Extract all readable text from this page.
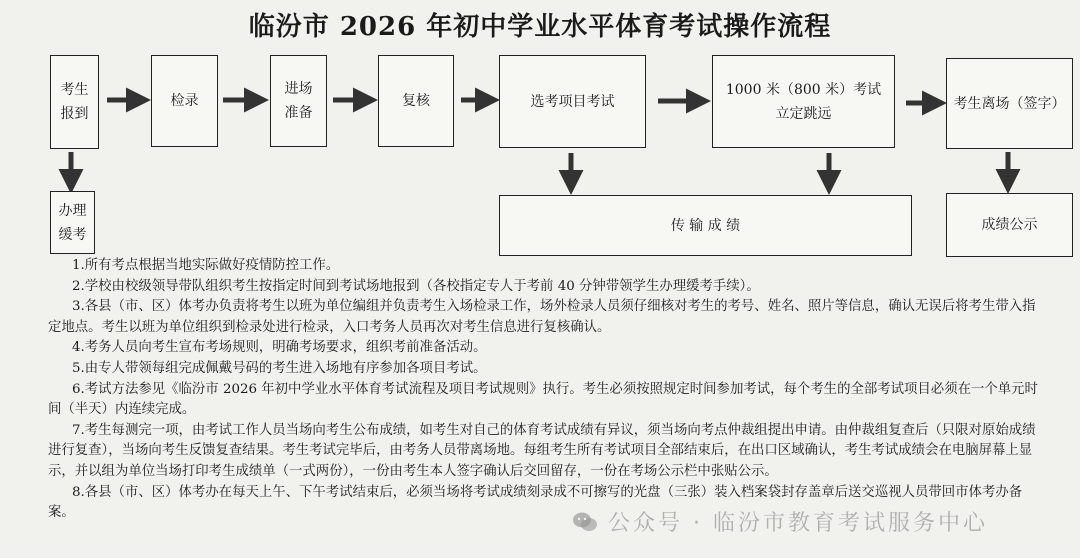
临汾市 2026 年初中学业水平体育考试操作流程
考生
报到
检录
进场
准备
复核	选考项目考试
1000 米（800 米）考试
立定跳远
考生离场（签字）
办理
缓考
传 输 成 绩	成绩公示

1.所有考点根据当地实际做好疫情防控工作。

2.学校由校级领导带队组织考生按指定时间到考试场地报到（各校指定专人于考前 40 分钟带领学生办理缓考手续）。

3.各县（市、区）体考办负责将考生以班为单位编组并负责考生入场检录工作，场外检录人员须仔细核对考生的考号、姓名、照片等信息，确认无误后将考生带入指定地点。考生以班为单位组织到检录处进行检录，入口考务人员再次对考生信息进行复核确认。

4.考务人员向考生宣布考场规则，明确考场要求，组织考前准备活动。

5.由专人带领每组完成佩戴号码的考生进入场地有序参加各项目考试。

6.考试方法参见《临汾市 2026 年初中学业水平体育考试流程及项目考试规则》执行。考生必须按照规定时间参加考试，每个考生的全部考试项目必须在一个单元时间（半天）内连续完成。

7.考生每测完一项，由考试工作人员当场向考生公布成绩，如考生对自己的体育考试成绩有异议，须当场向考点仲裁组提出申请。由仲裁组复查后（只限对原始成绩进行复查），当场向考生反馈复查结果。考生考试完毕后，由考务人员带离场地。每组考生所有考试项目全部结束后，在出口区域确认，考生考试成绩会在电脑屏幕上显示，并以组为单位当场打印考生成绩单（一式两份），一份由考生本人签字确认后交回留存，一份在考场公示栏中张贴公示。

8.各县（市、区）体考办在每天上午、下午考试结束后，必须当场将考试成绩刻录成不可擦写的光盘（三张）装入档案袋封存盖章后送交巡视人员带回市体考办备案。	公众号 · 临汾市教育考试服务中心
